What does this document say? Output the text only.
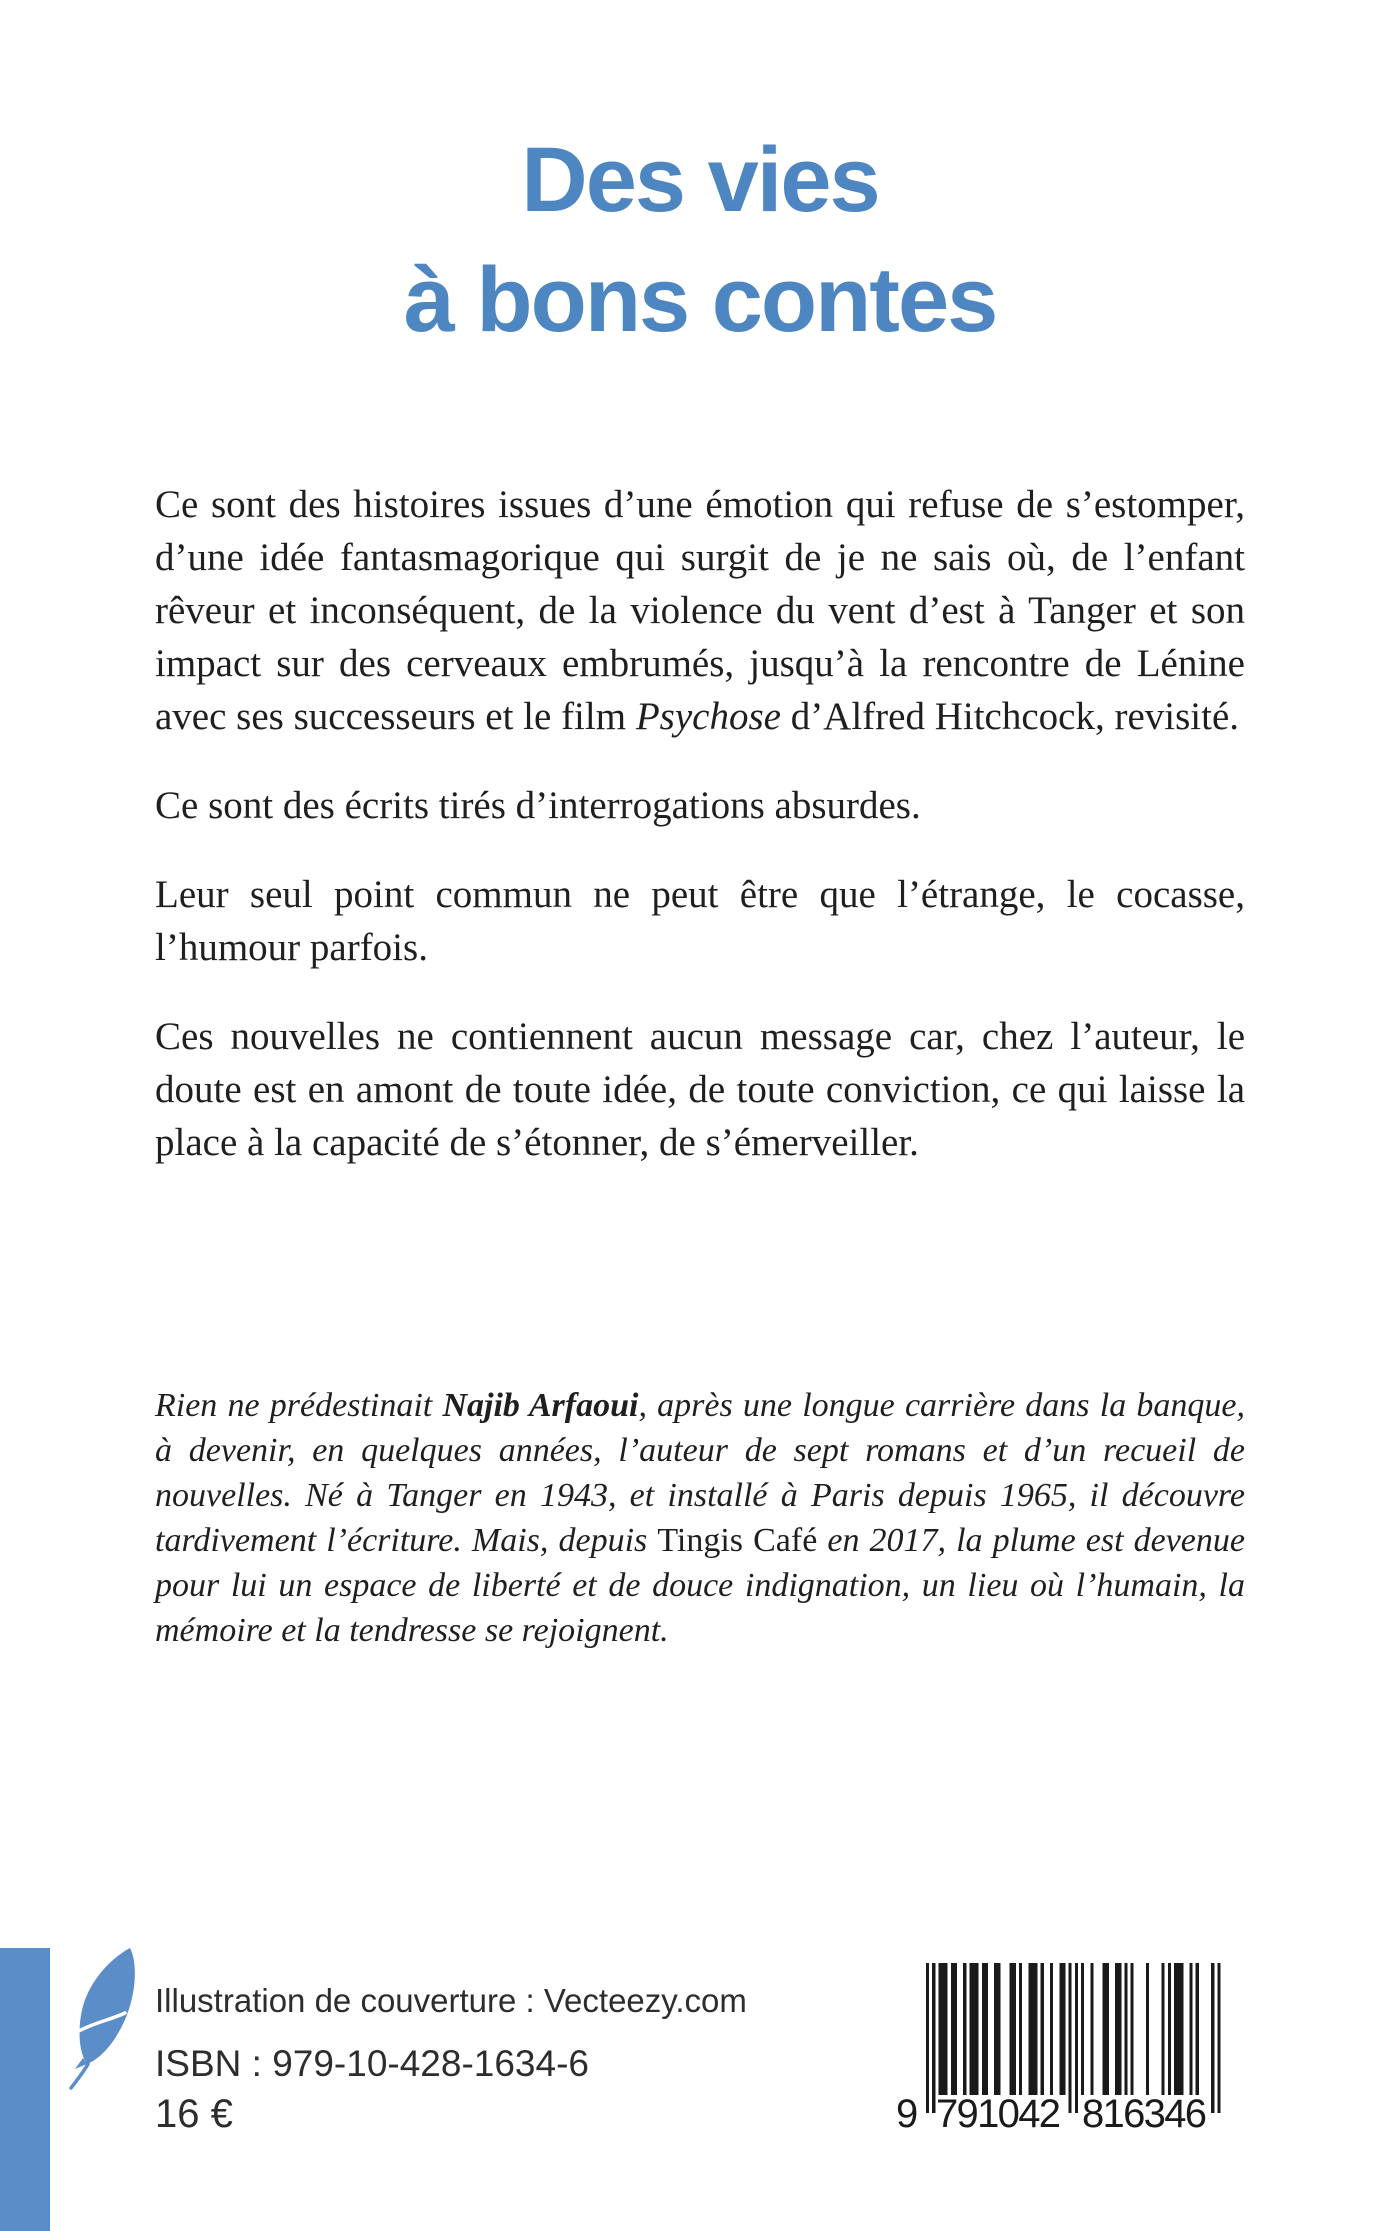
Des vies
à bons contes

Ce sont des histoires issues d’une émotion qui refuse de s’estomper, d’une idée fantasmagorique qui surgit de je ne sais où, de l’enfant rêveur et inconséquent, de la violence du vent d’est à Tanger et son impact sur des cerveaux embrumés, jusqu’à la rencontre de Lénine avec ses successeurs et le film Psychose d’Alfred Hitchcock, revisité.

Ce sont des écrits tirés d’interrogations absurdes.

Leur seul point commun ne peut être que l’étrange, le cocasse, l’humour parfois.

Ces nouvelles ne contiennent aucun message car, chez l’auteur, le doute est en amont de toute idée, de toute conviction, ce qui laisse la place à la capacité de s’étonner, de s’émerveiller.

Rien ne prédestinait Najib Arfaoui, après une longue carrière dans la banque, à devenir, en quelques années, l’auteur de sept romans et d’un recueil de nouvelles. Né à Tanger en 1943, et installé à Paris depuis 1965, il découvre tardivement l’écriture. Mais, depuis Tingis Café en 2017, la plume est devenue pour lui un espace de liberté et de douce indignation, un lieu où l’humain, la mémoire et la tendresse se rejoignent.
Illustration de couverture : Vecteezy.com
ISBN : 979-10-428-1634-6
16 €	9 791042 816346
